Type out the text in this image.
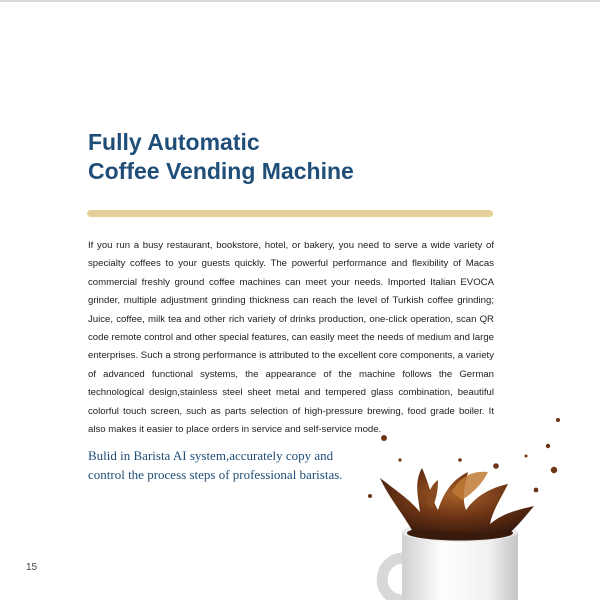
Fully Automatic
Coffee Vending Machine

If you run a busy restaurant, bookstore, hotel, or bakery, you need to serve a wide variety of specialty coffees to your guests quickly. The powerful performance and flexibility of Macas commercial freshly ground coffee machines can meet your needs. Imported Italian EVOCA grinder, multiple adjustment grinding thickness can reach the level of Turkish coffee grinding; Juice, coffee, milk tea and other rich variety of drinks production, one-click operation, scan QR code remote control and other special features, can easily meet the needs of medium and large enterprises. Such a strong performance is attributed to the excellent core components, a variety of advanced functional systems, the appearance of the machine follows the German technological design,stainless steel sheet metal and tempered glass combination, beautiful colorful touch screen, such as parts selection of high-pressure brewing, food grade boiler. It also makes it easier to place orders in service and self-service mode.

Bulid in Barista AI system,accurately copy and
control the process steps of professional baristas.

15
